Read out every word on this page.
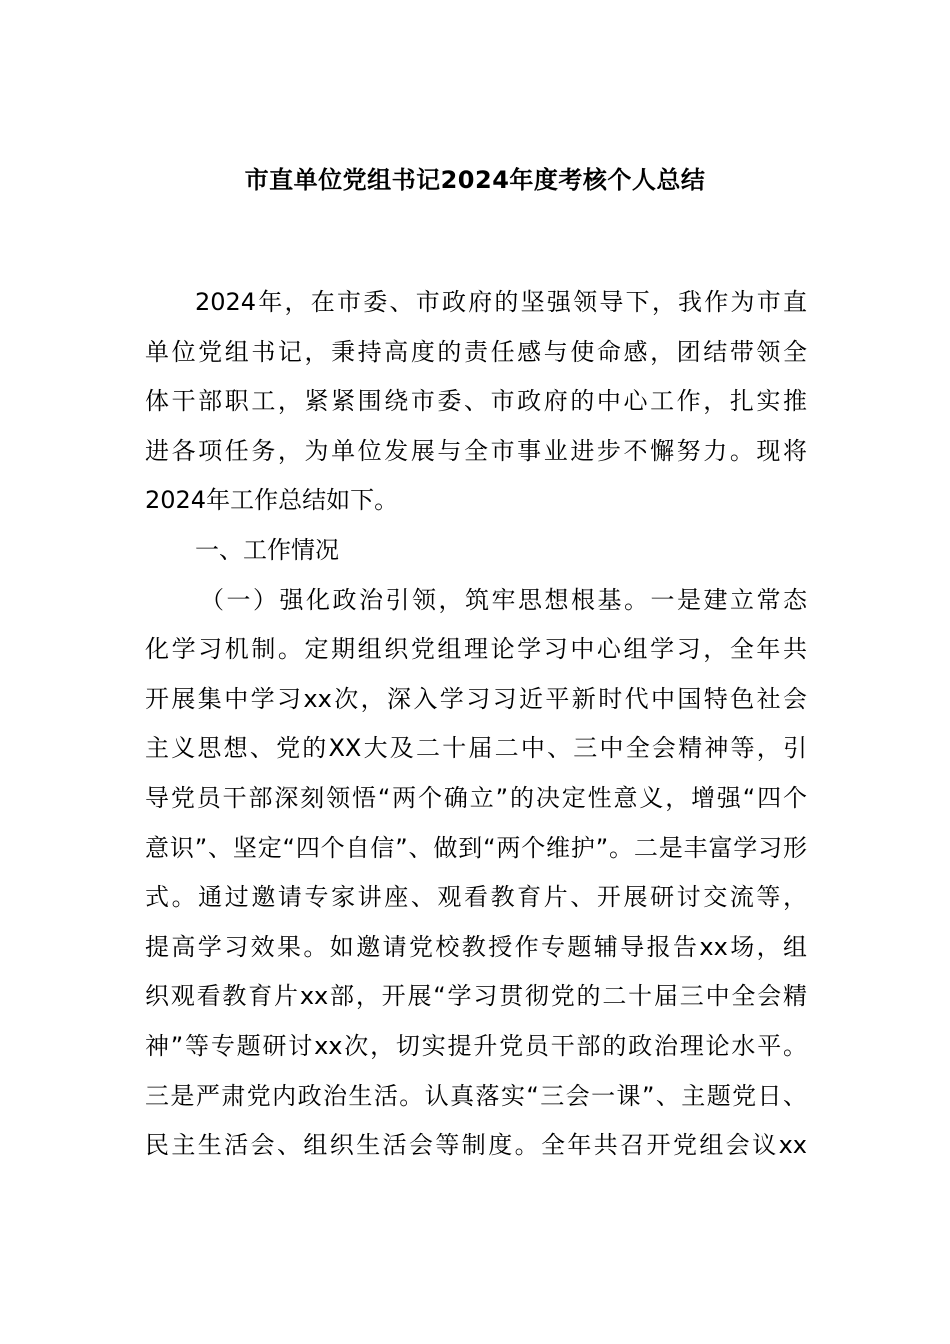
市直单位党组书记2024年度考核个人总结
2024年，在市委、市政府的坚强领导下，我作为市直
单位党组书记，秉持高度的责任感与使命感，团结带领全
体干部职工，紧紧围绕市委、市政府的中心工作，扎实推
进各项任务，为单位发展与全市事业进步不懈努力。现将
2024年工作总结如下。
一、工作情况
（一）强化政治引领，筑牢思想根基。一是建立常态
化学习机制。定期组织党组理论学习中心组学习，全年共
开展集中学习xx次，深入学习习近平新时代中国特色社会
主义思想、党的XX大及二十届二中、三中全会精神等，引
导党员干部深刻领悟“两个确立”的决定性意义，增强“四个
意识”、坚定“四个自信”、做到“两个维护”。二是丰富学习形
式。通过邀请专家讲座、观看教育片、开展研讨交流等，
提高学习效果。如邀请党校教授作专题辅导报告xx场，组
织观看教育片xx部，开展“学习贯彻党的二十届三中全会精
神”等专题研讨xx次，切实提升党员干部的政治理论水平。
三是严肃党内政治生活。认真落实“三会一课”、主题党日、
民主生活会、组织生活会等制度。全年共召开党组会议xx
